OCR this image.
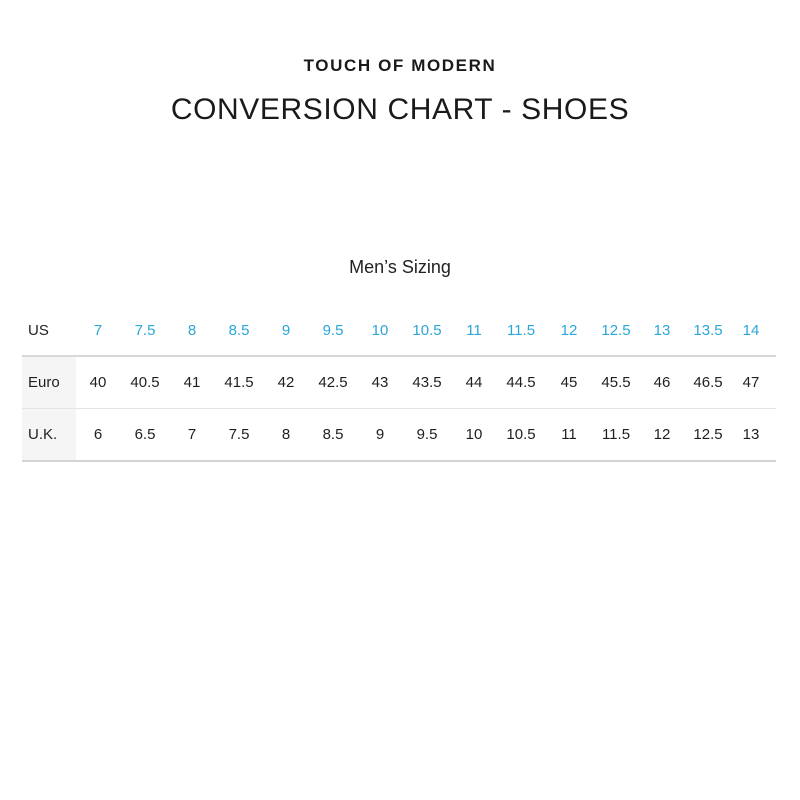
TOUCH OF MODERN
CONVERSION CHART - SHOES
Men’s Sizing
US	7	7.5	8	8.5	9	9.5	10	10.5	11	11.5	12	12.5	13	13.5	14
Euro	40	40.5	41	41.5	42	42.5	43	43.5	44	44.5	45	45.5	46	46.5	47
U.K.	6	6.5	7	7.5	8	8.5	9	9.5	10	10.5	11	11.5	12	12.5	13
